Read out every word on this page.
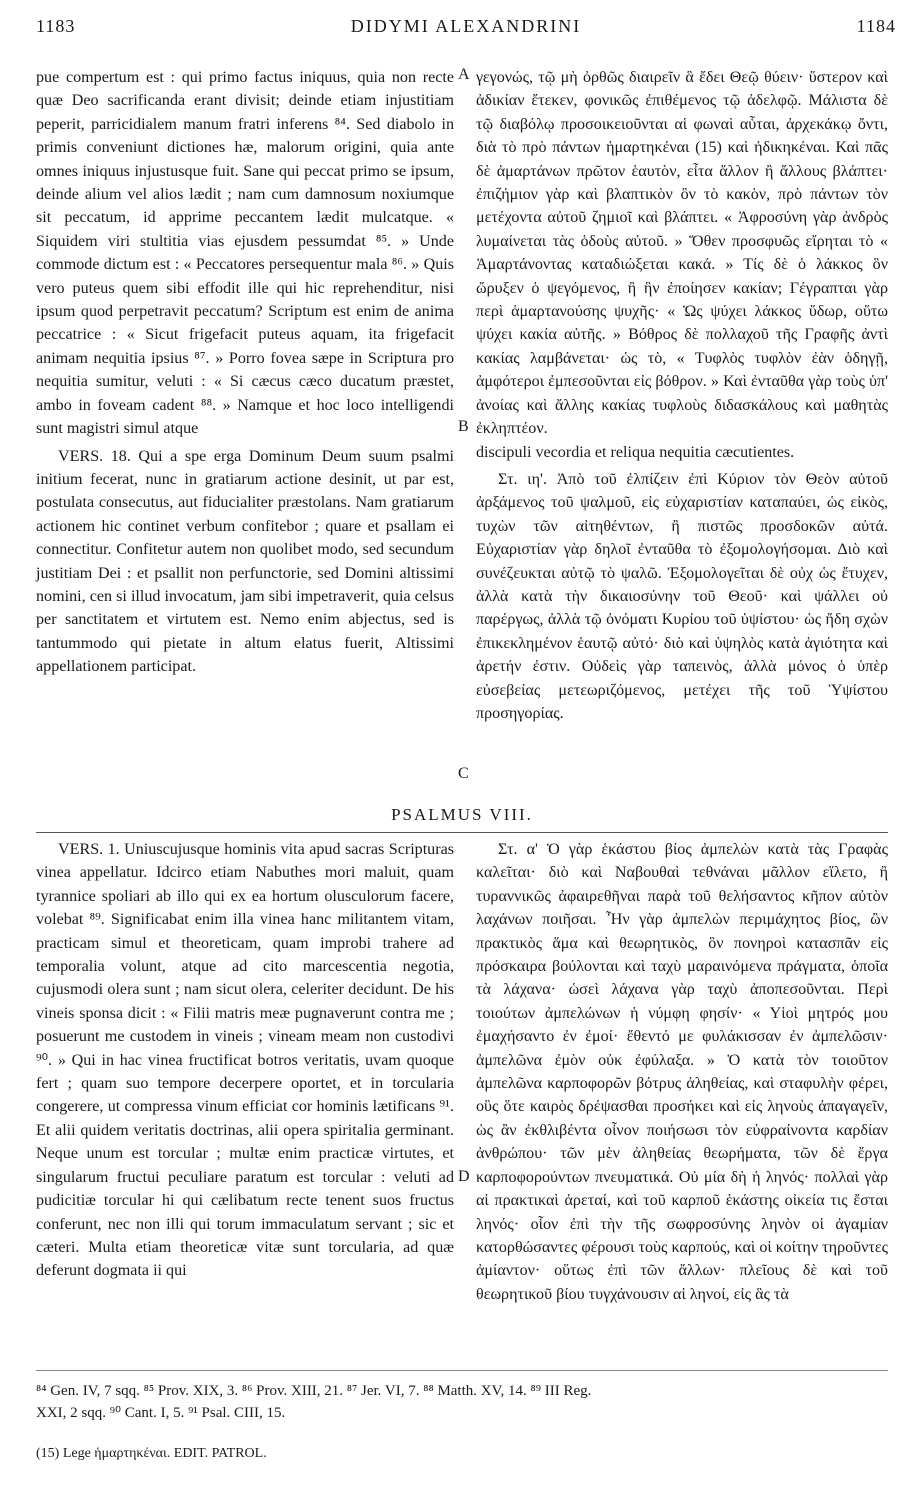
1183	DIDYMI ALEXANDRINI	1184
A
B
C
D

pue compertum est : qui primo factus iniquus, quia non recte quæ Deo sacrificanda erant divisit; deinde etiam injustitiam peperit, parricidialem manum fratri inferens ⁸⁴. Sed diabolo in primis conveniunt dictiones hæ, malorum origini, quia ante omnes iniquus injustusque fuit. Sane qui peccat primo se ipsum, deinde alium vel alios lædit ; nam cum damnosum noxiumque sit peccatum, id apprime peccantem lædit mulcatque. « Siquidem viri stultitia vias ejusdem pessumdat ⁸⁵. » Unde commode dictum est : « Peccatores persequentur mala ⁸⁶. » Quis vero puteus quem sibi effodit ille qui hic reprehenditur, nisi ipsum quod perpetravit peccatum? Scriptum est enim de anima peccatrice : « Sicut frigefacit puteus aquam, ita frigefacit animam nequitia ipsius ⁸⁷. » Porro fovea sæpe in Scriptura pro nequitia sumitur, veluti : « Si cæcus cæco ducatum præstet, ambo in foveam cadent ⁸⁸. » Namque et hoc loco intelligendi sunt magistri simul atque

VERS. 18. Qui a spe erga Dominum Deum suum psalmi initium fecerat, nunc in gratiarum actione desinit, ut par est, postulata consecutus, aut fiducialiter præstolans. Nam gratiarum actionem hic continet verbum confitebor ; quare et psallam ei connectitur. Confitetur autem non quolibet modo, sed secundum justitiam Dei : et psallit non perfunctorie, sed Domini altissimi nomini, cen si illud invocatum, jam sibi impetraverit, quia celsus per sanctitatem et virtutem est. Nemo enim abjectus, sed is tantummodo qui pietate in altum elatus fuerit, Altissimi appellationem participat.

γεγονώς, τῷ μὴ ὀρθῶς διαιρεῖν ἃ ἔδει Θεῷ θύειν· ὕστερον καὶ ἀδικίαν ἔτεκεν, φονικῶς ἐπιθέμενος τῷ ἀδελφῷ. Μάλιστα δὲ τῷ διαβόλῳ προσοικειοῦνται αἱ φωναὶ αὗται, ἀρχεκάκῳ ὄντι, διὰ τὸ πρὸ πάντων ἠμαρτηκέναι (15) καὶ ἠδικηκέναι. Καὶ πᾶς δὲ ἁμαρτάνων πρῶτον ἑαυτὸν, εἶτα ἄλλον ἢ ἄλλους βλάπτει· ἐπιζήμιον γὰρ καὶ βλαπτικὸν ὂν τὸ κακὸν, πρὸ πάντων τὸν μετέχοντα αὐτοῦ ζημιοῖ καὶ βλάπτει. « Ἀφροσύνη γὰρ ἀνδρὸς λυμαίνεται τὰς ὁδοὺς αὐτοῦ. » Ὅθεν προσφυῶς εἴρηται τὸ « Ἁμαρτάνοντας καταδιώξεται κακά. » Τίς δὲ ὁ λάκκος ὃν ὤρυξεν ὁ ψεγόμενος, ἢ ἣν ἐποίησεν κακίαν; Γέγραπται γὰρ περὶ ἁμαρτανούσης ψυχῆς· « Ὡς ψύχει λάκκος ὕδωρ, οὕτω ψύχει κακία αὐτῆς. » Βόθρος δὲ πολλαχοῦ τῆς Γραφῆς ἀντὶ κακίας λαμβάνεται· ὡς τὸ, « Τυφλὸς τυφλὸν ἐὰν ὁδηγῇ, ἀμφότεροι ἐμπεσοῦνται εἰς βόθρον. » Καὶ ἐνταῦθα γὰρ τοὺς ὑπ' ἀνοίας καὶ ἄλλης κακίας τυφλοὺς διδασκάλους καὶ μαθητὰς ἐκληπτέον.

discipuli vecordia et reliqua nequitia cæcutientes.

Στ. ιη'. Ἀπὸ τοῦ ἐλπίζειν ἐπὶ Κύριον τὸν Θεὸν αὐτοῦ ἀρξάμενος τοῦ ψαλμοῦ, εἰς εὐχαριστίαν καταπαύει, ὡς εἰκὸς, τυχὼν τῶν αἰτηθέντων, ἢ πιστῶς προσδοκῶν αὐτά. Εὐχαριστίαν γὰρ δηλοῖ ἐνταῦθα τὸ ἐξομολογήσομαι. Διὸ καὶ συνέζευκται αὐτῷ τὸ ψαλῶ. Ἐξομολογεῖται δὲ οὐχ ὡς ἔτυχεν, ἀλλὰ κατὰ τὴν δικαιοσύνην τοῦ Θεοῦ· καὶ ψάλλει οὐ παρέργως, ἀλλὰ τῷ ὀνόματι Κυρίου τοῦ ὑψίστου· ὡς ἤδη σχὼν ἐπικεκλημένον ἑαυτῷ αὐτό· διὸ καὶ ὑψηλὸς κατὰ ἁγιότητα καὶ ἀρετήν ἐστιν. Οὐδεὶς γὰρ ταπεινὸς, ἀλλὰ μόνος ὁ ὑπὲρ εὐσεβείας μετεωριζόμενος, μετέχει τῆς τοῦ Ὑψίστου προσηγορίας.

PSALMUS VIII.

VERS. 1. Uniuscujusque hominis vita apud sacras Scripturas vinea appellatur. Idcirco etiam Nabuthes mori maluit, quam tyrannice spoliari ab illo qui ex ea hortum olusculorum facere, volebat ⁸⁹. Significabat enim illa vinea hanc militantem vitam, practicam simul et theoreticam, quam improbi trahere ad temporalia volunt, atque ad cito marcescentia negotia, cujusmodi olera sunt ; nam sicut olera, celeriter decidunt. De his vineis sponsa dicit : « Filii matris meæ pugnaverunt contra me ; posuerunt me custodem in vineis ; vineam meam non custodivi ⁹⁰. » Qui in hac vinea fructificat botros veritatis, uvam quoque fert ; quam suo tempore decerpere oportet, et in torcularia congerere, ut compressa vinum efficiat cor hominis lætificans ⁹¹. Et alii quidem veritatis doctrinas, alii opera spiritalia germinant. Neque unum est torcular ; multæ enim practicæ virtutes, et singularum fructui peculiare paratum est torcular : veluti ad pudicitiæ torcular hi qui cælibatum recte tenent suos fructus conferunt, nec non illi qui torum immaculatum servant ; sic et cæteri. Multa etiam theoreticæ vitæ sunt torcularia, ad quæ deferunt dogmata ii qui

Στ. α' Ὁ γὰρ ἑκάστου βίος ἀμπελὼν κατὰ τὰς Γραφὰς καλεῖται· διὸ καὶ Ναβουθαὶ τεθνάναι μᾶλλον εἵλετο, ἢ τυραννικῶς ἀφαιρεθῆναι παρὰ τοῦ θελήσαντος κῆπον αὐτὸν λαχάνων ποιῆσαι. Ἦν γὰρ ἀμπελὼν περιμάχητος βίος, ὢν πρακτικὸς ἅμα καὶ θεωρητικὸς, ὃν πονηροὶ κατασπᾶν εἰς πρόσκαιρα βούλονται καὶ ταχὺ μαραινόμενα πράγματα, ὁποῖα τὰ λάχανα· ὡσεὶ λάχανα γὰρ ταχὺ ἀποπεσοῦνται. Περὶ τοιούτων ἀμπελώνων ἡ νύμφη φησίν· « Υἱοὶ μητρός μου ἐμαχήσαντο ἐν ἐμοί· ἔθεντό με φυλάκισσαν ἐν ἀμπελῶσιν· ἀμπελῶνα ἐμὸν οὐκ ἐφύλαξα. » Ὁ κατὰ τὸν τοιοῦτον ἀμπελῶνα καρποφορῶν βότρυς ἀληθείας, καὶ σταφυλὴν φέρει, οὓς ὅτε καιρὸς δρέψασθαι προσήκει καὶ εἰς ληνοὺς ἀπαγαγεῖν, ὡς ἂν ἐκθλιβέντα οἶνον ποιήσωσι τὸν εὐφραίνοντα καρδίαν ἀνθρώπου· τῶν μὲν ἀληθείας θεωρήματα, τῶν δὲ ἔργα καρποφορούντων πνευματικά. Οὐ μία δὴ ἡ ληνός· πολλαὶ γὰρ αἱ πρακτικαὶ ἀρεταί, καὶ τοῦ καρποῦ ἑκάστης οἰκεία τις ἔσται ληνός· οἷον ἐπὶ τὴν τῆς σωφροσύνης ληνὸν οἱ ἀγαμίαν κατορθώσαντες φέρουσι τοὺς καρπούς, καὶ οἱ κοίτην τηροῦντες ἀμίαντον· οὕτως ἐπὶ τῶν ἄλλων· πλεῖους δὲ καὶ τοῦ θεωρητικοῦ βίου τυγχάνουσιν αἱ ληνοί, εἰς ἃς τὰ

⁸⁴ Gen. IV, 7 sqq. ⁸⁵ Prov. XIX, 3. ⁸⁶ Prov. XIII, 21. ⁸⁷ Jer. VI, 7. ⁸⁸ Matth. XV, 14. ⁸⁹ III Reg.
XXI, 2 sqq. ⁹⁰ Cant. I, 5. ⁹¹ Psal. CIII, 15.
(15) Lege ἡμαρτηκέναι. EDIT. PATROL.
